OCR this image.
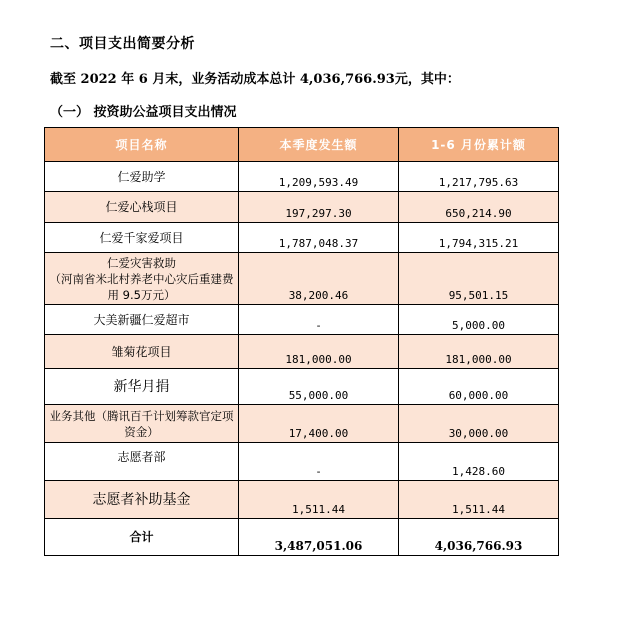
二、项目支出简要分析
截至 2022 年 6 月末，业务活动成本总计 4,036,766.93元，其中：
（一） 按资助公益项目支出情况
项目名称	本季度发生额	1-6 月份累计额
仁爱助学	1,209,593.49	1,217,795.63
仁爱心栈项目	197,297.30	650,214.90
仁爱千家爱项目	1,787,048.37	1,794,315.21

仁爱灾害救助
（河南省米北村养老中心灾后重建费用 9.5万元）	38,200.46	95,501.15
大美新疆仁爱超市	-	5,000.00
雏菊花项目	181,000.00	181,000.00
新华月捐	55,000.00	60,000.00
业务其他（腾讯百千计划筹款官定项资金）	17,400.00	30,000.00
志愿者部	-	1,428.60
志愿者补助基金	1,511.44	1,511.44
合计	3,487,051.06	4,036,766.93
